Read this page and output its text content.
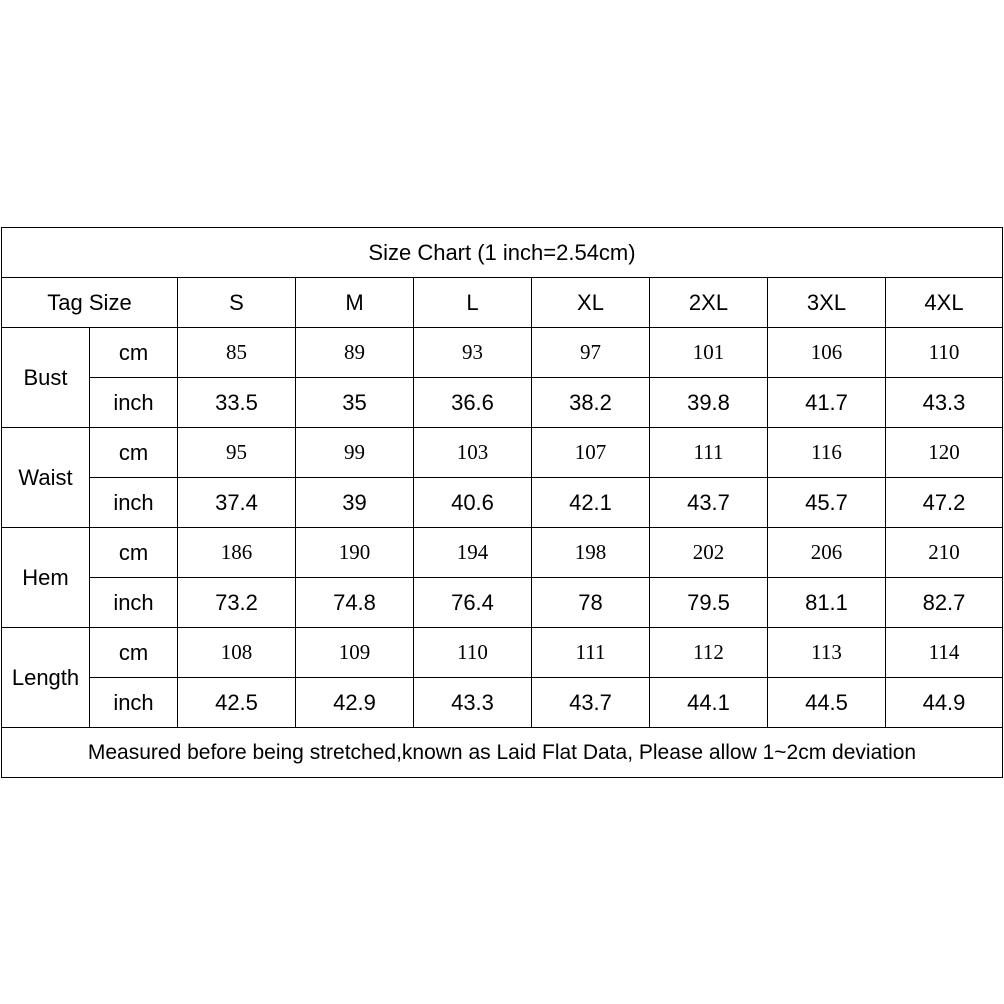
Size Chart (1 inch=2.54cm)								
Tag Size		S	M	L	XL	2XL	3XL	4XL
Bust	cm	85	89	93	97	101	106	110
	inch	33.5	35	36.6	38.2	39.8	41.7	43.3
Waist	cm	95	99	103	107	111	116	120
	inch	37.4	39	40.6	42.1	43.7	45.7	47.2
Hem	cm	186	190	194	198	202	206	210
	inch	73.2	74.8	76.4	78	79.5	81.1	82.7
Length	cm	108	109	110	111	112	113	114
	inch	42.5	42.9	43.3	43.7	44.1	44.5	44.9
Measured before being stretched,known as Laid Flat Data, Please allow 1~2cm deviation								
